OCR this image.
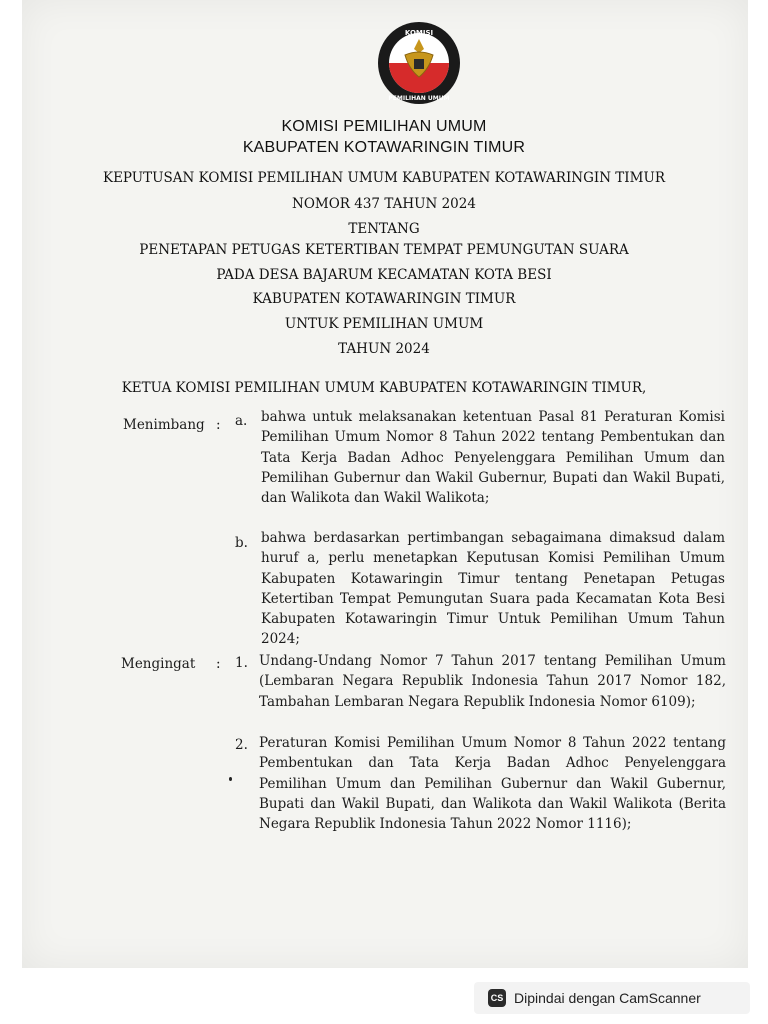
KOMISI
PEMILIHAN UMUM
KOMISI PEMILIHAN UMUM
KABUPATEN KOTAWARINGIN TIMUR
KEPUTUSAN KOMISI PEMILIHAN UMUM KABUPATEN KOTAWARINGIN TIMUR
NOMOR 437 TAHUN 2024
TENTANG
PENETAPAN PETUGAS KETERTIBAN TEMPAT PEMUNGUTAN SUARA
PADA DESA BAJARUM KECAMATAN KOTA BESI
KABUPATEN KOTAWARINGIN TIMUR
UNTUK PEMILIHAN UMUM
TAHUN 2024
KETUA KOMISI PEMILIHAN UMUM KABUPATEN KOTAWARINGIN TIMUR,
Menimbang : a. bahwa untuk melaksanakan ketentuan Pasal 81 Peraturan Komisi Pemilihan Umum Nomor 8 Tahun 2022 tentang Pembentukan dan Tata Kerja Badan Adhoc Penyelenggara Pemilihan Umum dan Pemilihan Gubernur dan Wakil Gubernur, Bupati dan Wakil Bupati, dan Walikota dan Wakil Walikota;
b. bahwa berdasarkan pertimbangan sebagaimana dimaksud dalam huruf a, perlu menetapkan Keputusan Komisi Pemilihan Umum Kabupaten Kotawaringin Timur tentang Penetapan Petugas Ketertiban Tempat Pemungutan Suara pada Kecamatan Kota Besi Kabupaten Kotawaringin Timur Untuk Pemilihan Umum Tahun 2024;
Mengingat : 1. Undang-Undang Nomor 7 Tahun 2017 tentang Pemilihan Umum (Lembaran Negara Republik Indonesia Tahun 2017 Nomor 182, Tambahan Lembaran Negara Republik Indonesia Nomor 6109);
2. Peraturan Komisi Pemilihan Umum Nomor 8 Tahun 2022 tentang Pembentukan dan Tata Kerja Badan Adhoc Penyelenggara Pemilihan Umum dan Pemilihan Gubernur dan Wakil Gubernur, Bupati dan Wakil Bupati, dan Walikota dan Wakil Walikota (Berita Negara Republik Indonesia Tahun 2022 Nomor 1116);
CS Dipindai dengan CamScanner
